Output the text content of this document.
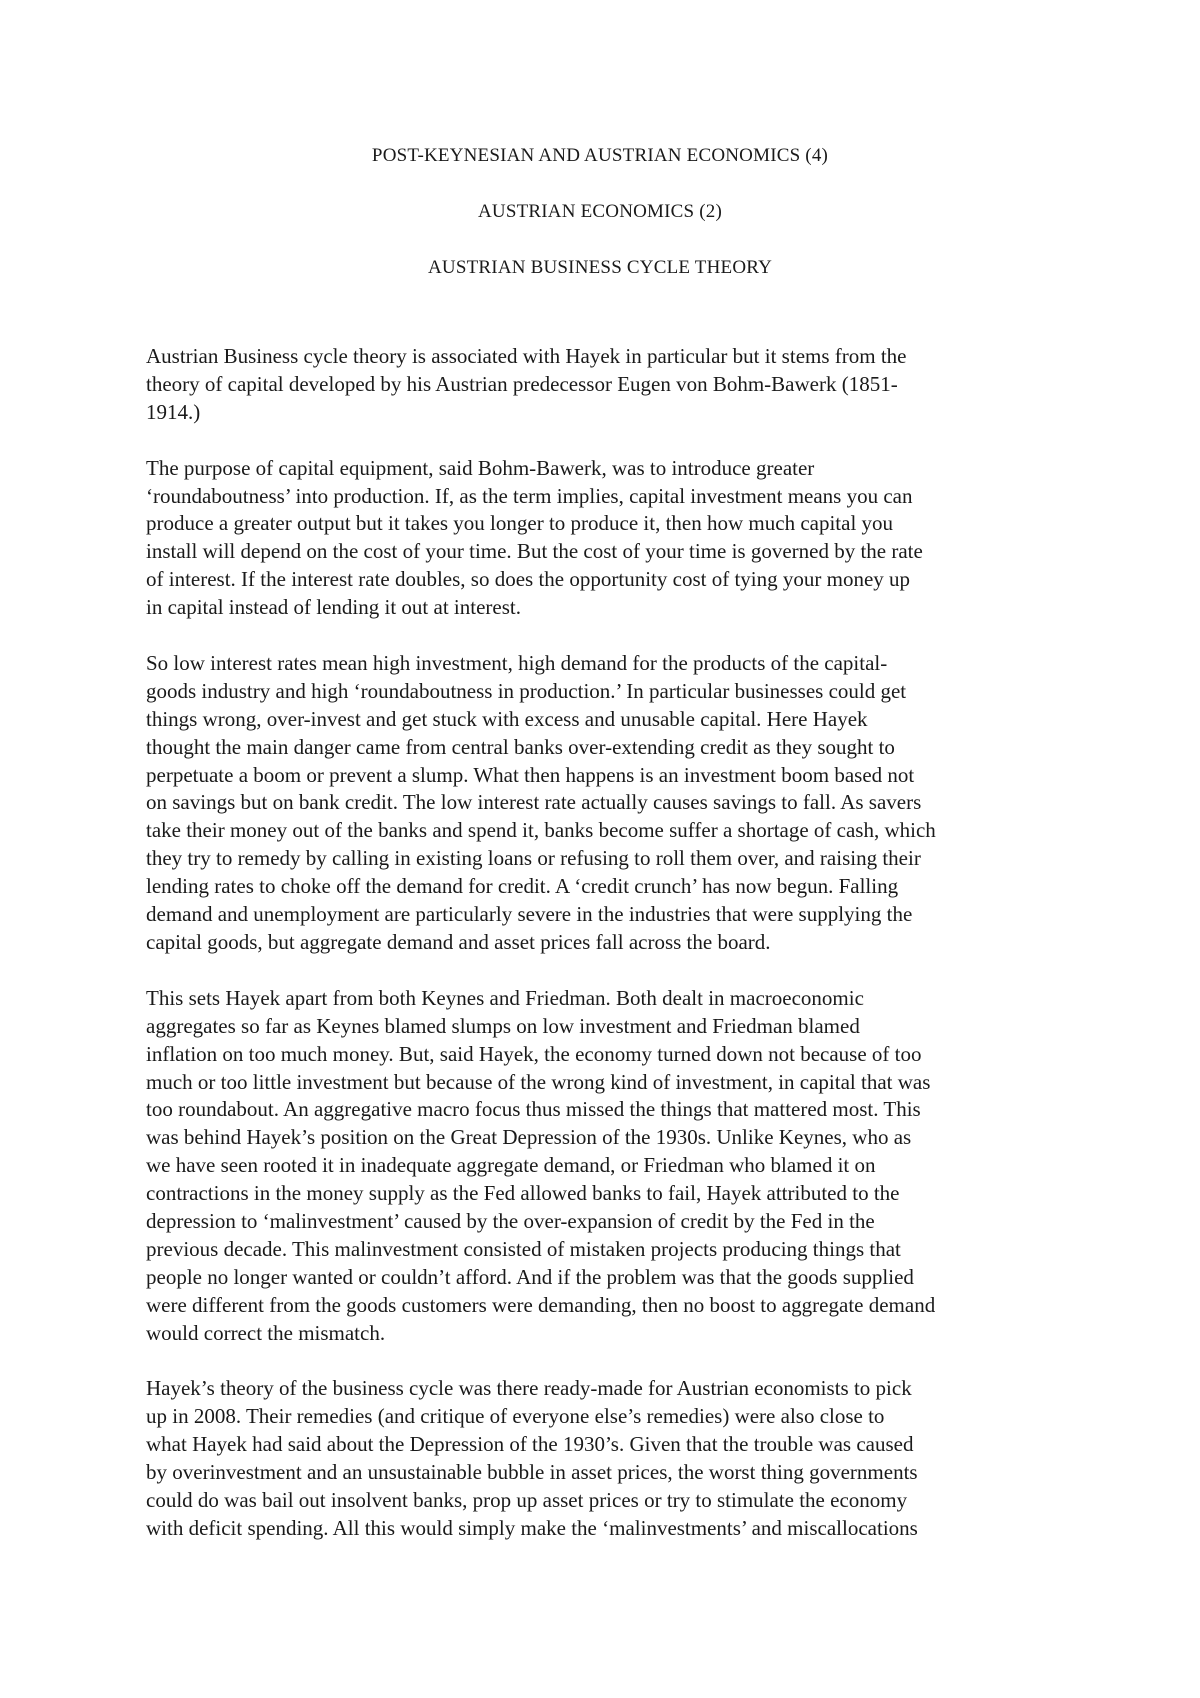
POST-KEYNESIAN AND AUSTRIAN ECONOMICS (4)
AUSTRIAN ECONOMICS (2)
AUSTRIAN BUSINESS CYCLE THEORY

Austrian Business cycle theory is associated with Hayek in particular but it stems from the
theory of capital developed by his Austrian predecessor Eugen von Bohm-Bawerk (1851-
1914.)

The purpose of capital equipment, said Bohm-Bawerk, was to introduce greater
‘roundaboutness’ into production. If, as the term implies, capital investment means you can
produce a greater output but it takes you longer to produce it, then how much capital you
install will depend on the cost of your time. But the cost of your time is governed by the rate
of interest. If the interest rate doubles, so does the opportunity cost of tying your money up
in capital instead of lending it out at interest.

So low interest rates mean high investment, high demand for the products of the capital-
goods industry and high ‘roundaboutness in production.’ In particular businesses could get
things wrong, over-invest and get stuck with excess and unusable capital. Here Hayek
thought the main danger came from central banks over-extending credit as they sought to
perpetuate a boom or prevent a slump. What then happens is an investment boom based not
on savings but on bank credit. The low interest rate actually causes savings to fall. As savers
take their money out of the banks and spend it, banks become suffer a shortage of cash, which
they try to remedy by calling in existing loans or refusing to roll them over, and raising their
lending rates to choke off the demand for credit. A ‘credit crunch’ has now begun. Falling
demand and unemployment are particularly severe in the industries that were supplying the
capital goods, but aggregate demand and asset prices fall across the board.

This sets Hayek apart from both Keynes and Friedman. Both dealt in macroeconomic
aggregates so far as Keynes blamed slumps on low investment and Friedman blamed
inflation on too much money. But, said Hayek, the economy turned down not because of too
much or too little investment but because of the wrong kind of investment, in capital that was
too roundabout. An aggregative macro focus thus missed the things that mattered most. This
was behind Hayek’s position on the Great Depression of the 1930s. Unlike Keynes, who as
we have seen rooted it in inadequate aggregate demand, or Friedman who blamed it on
contractions in the money supply as the Fed allowed banks to fail, Hayek attributed to the
depression to ‘malinvestment’ caused by the over-expansion of credit by the Fed in the
previous decade. This malinvestment consisted of mistaken projects producing things that
people no longer wanted or couldn’t afford. And if the problem was that the goods supplied
were different from the goods customers were demanding, then no boost to aggregate demand
would correct the mismatch.

Hayek’s theory of the business cycle was there ready-made for Austrian economists to pick
up in 2008. Their remedies (and critique of everyone else’s remedies) were also close to
what Hayek had said about the Depression of the 1930’s. Given that the trouble was caused
by overinvestment and an unsustainable bubble in asset prices, the worst thing governments
could do was bail out insolvent banks, prop up asset prices or try to stimulate the economy
with deficit spending. All this would simply make the ‘malinvestments’ and miscallocations
